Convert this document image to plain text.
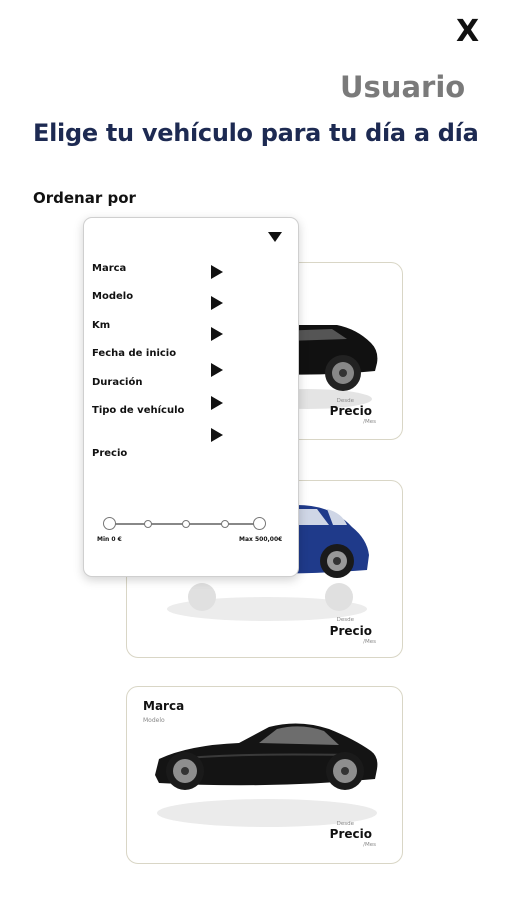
X
Usuario
Elige tu vehículo para tu día a día
Ordenar por
Desde
Precio
/Mes
Desde
Precio
/Mes
Marca
Modelo
Desde
Precio
/Mes
Marca
Modelo
Km
Fecha de inicio
Duración
Tipo de vehículo
Precio
Min 0 €	Max 500,00€
